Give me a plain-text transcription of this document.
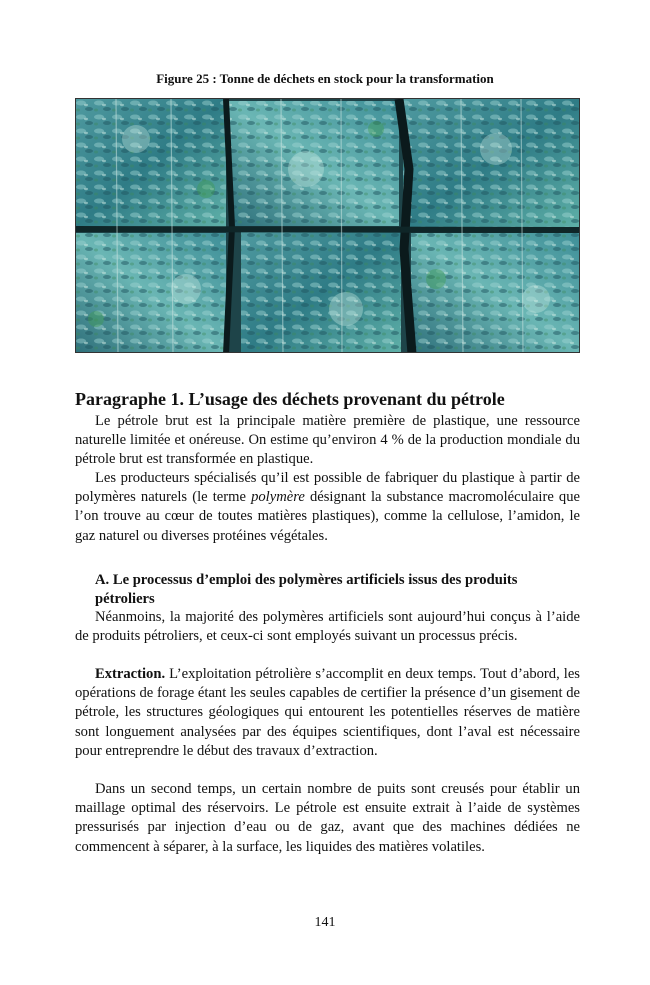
Figure 25 : Tonne de déchets en stock pour la transformation
Paragraphe 1. L’usage des déchets provenant du pétrole

Le pétrole brut est la principale matière première de plastique, une ressource naturelle limitée et onéreuse. On estime qu’environ 4 % de la production mondiale du pétrole brut est transformée en plastique.

Les producteurs spécialisés qu’il est possible de fabriquer du plastique à partir de polymères naturels (le terme polymère désignant la substance macromoléculaire que l’on trouve au cœur de toutes matières plastiques), comme la cellulose, l’amidon, le gaz naturel ou diverses protéines végétales.

A. Le processus d’emploi des polymères artificiels issus des produits pétroliers

Néanmoins, la majorité des polymères artificiels sont aujourd’hui conçus à l’aide de produits pétroliers, et ceux-ci sont employés suivant un processus précis.

Extraction. L’exploitation pétrolière s’accomplit en deux temps. Tout d’abord, les opérations de forage étant les seules capables de certifier la présence d’un gisement de pétrole, les structures géologiques qui entourent les potentielles réserves de matière sont longuement analysées par des équipes scientifiques, dont l’aval est nécessaire pour entreprendre le début des travaux d’extraction.

Dans un second temps, un certain nombre de puits sont creusés pour établir un maillage optimal des réservoirs. Le pétrole est ensuite extrait à l’aide de systèmes pressurisés par injection d’eau ou de gaz, avant que des machines dédiées ne commencent à séparer, à la surface, les liquides des matières volatiles.

141
